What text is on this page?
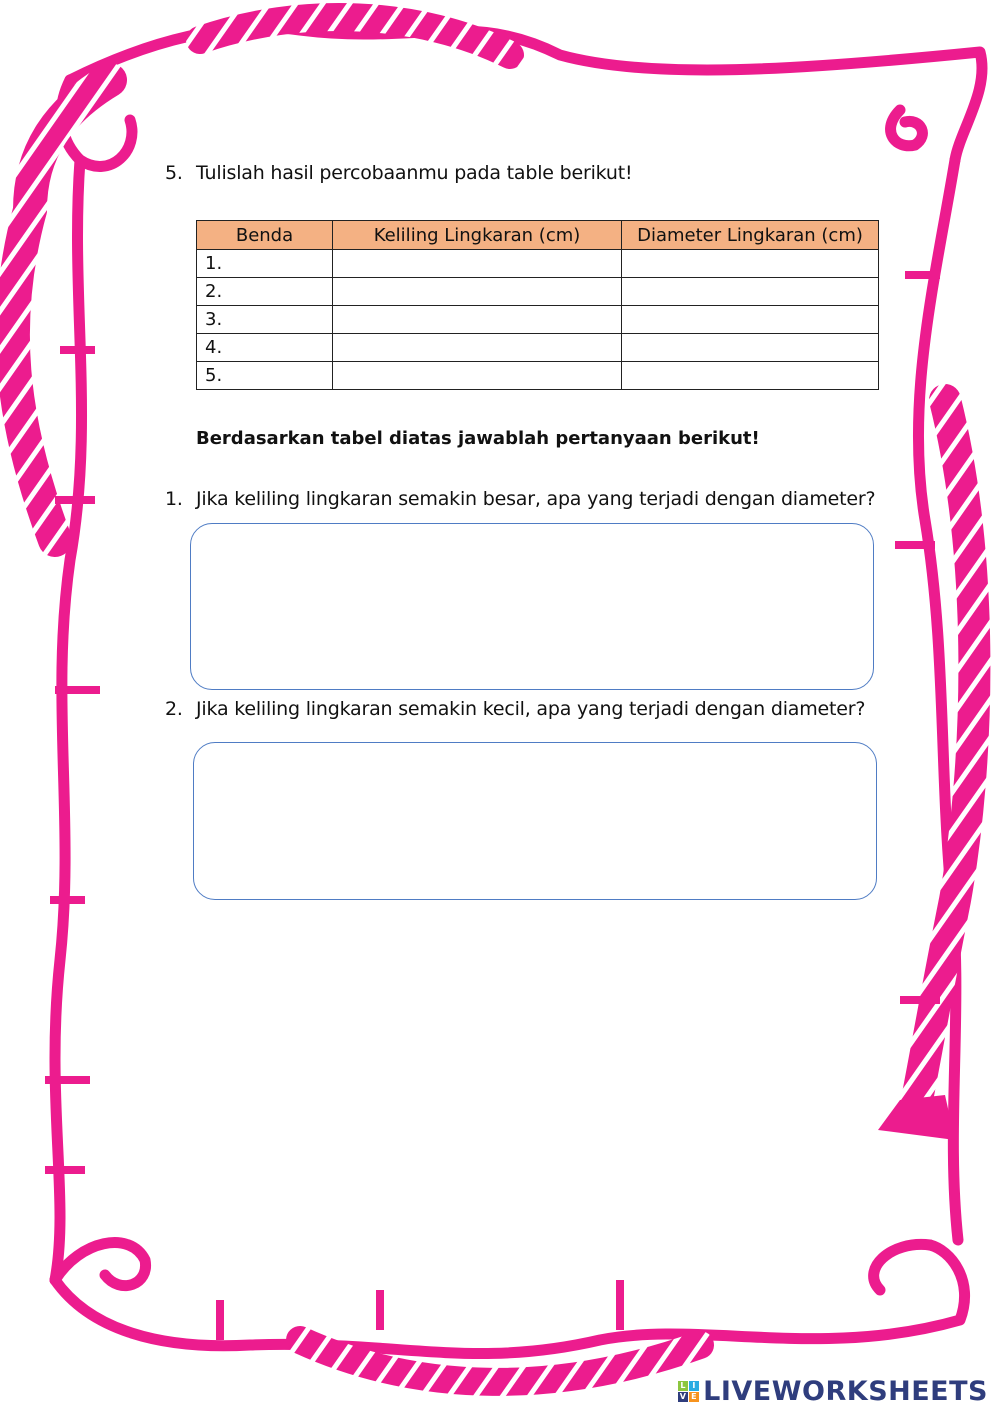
5. Tulislah hasil percobaanmu pada table berikut!
Benda	Keliling Lingkaran (cm)	Diameter Lingkaran (cm)
1.		
2.		
3.		
4.		
5.		
Berdasarkan tabel diatas jawablah pertanyaan berikut!
1. Jika keliling lingkaran semakin besar, apa yang terjadi dengan diameter?
2. Jika keliling lingkaran semakin kecil, apa yang terjadi dengan diameter?
L I
V E LIVEWORKSHEETS
